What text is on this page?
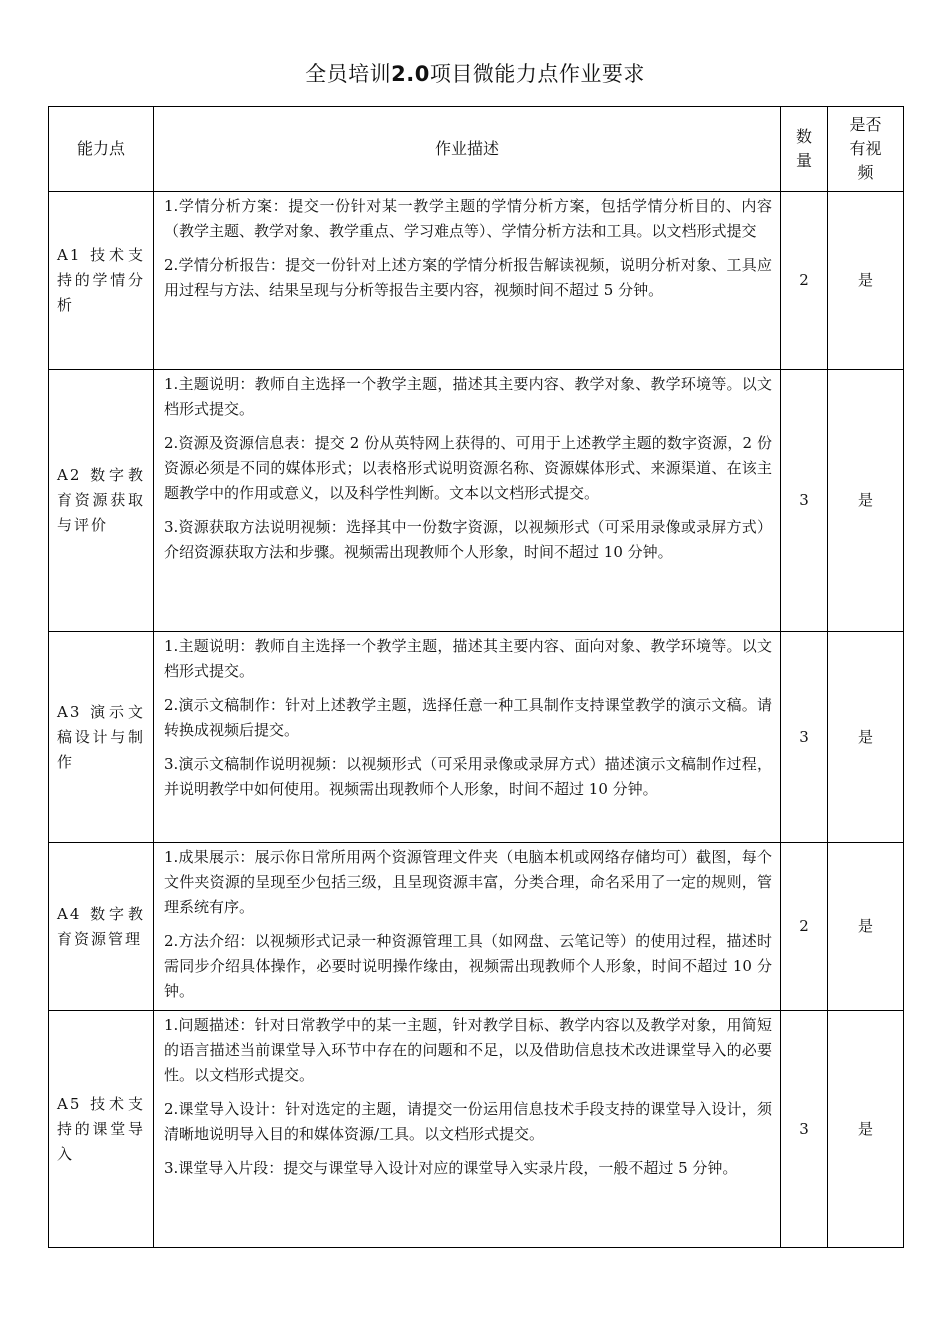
全员培训2.0项目微能力点作业要求
能力点	作业描述	数量	是否有视频
A1 技术支持的学情分析	1.学情分析方案：提交一份针对某一教学主题的学情分析方案，包括学情分析目的、内容（教学主题、教学对象、教学重点、学习难点等）、学情分析方法和工具。以文档形式提交

2.学情分析报告：提交一份针对上述方案的学情分析报告解读视频，说明分析对象、工具应用过程与方法、结果呈现与分析等报告主要内容，视频时间不超过 5 分钟。	2	是
A2 数字教育资源获取与评价	1.主题说明：教师自主选择一个教学主题，描述其主要内容、教学对象、教学环境等。以文档形式提交。

2.资源及资源信息表：提交 2 份从英特网上获得的、可用于上述教学主题的数字资源，2 份资源必须是不同的媒体形式；以表格形式说明资源名称、资源媒体形式、来源渠道、在该主题教学中的作用或意义，以及科学性判断。文本以文档形式提交。

3.资源获取方法说明视频：选择其中一份数字资源，以视频形式（可采用录像或录屏方式）介绍资源获取方法和步骤。视频需出现教师个人形象，时间不超过 10 分钟。	3	是
A3 演示文稿设计与制作	1.主题说明：教师自主选择一个教学主题，描述其主要内容、面向对象、教学环境等。以文档形式提交。

2.演示文稿制作：针对上述教学主题，选择任意一种工具制作支持课堂教学的演示文稿。请转换成视频后提交。

3.演示文稿制作说明视频：以视频形式（可采用录像或录屏方式）描述演示文稿制作过程，并说明教学中如何使用。视频需出现教师个人形象，时间不超过 10 分钟。	3	是
A4 数字教育资源管理	1.成果展示：展示你日常所用两个资源管理文件夹（电脑本机或网络存储均可）截图，每个文件夹资源的呈现至少包括三级，且呈现资源丰富，分类合理，命名采用了一定的规则，管理系统有序。

2.方法介绍：以视频形式记录一种资源管理工具（如网盘、云笔记等）的使用过程，描述时需同步介绍具体操作，必要时说明操作缘由，视频需出现教师个人形象，时间不超过 10 分钟。	2	是
A5 技术支持的课堂导入	1.问题描述：针对日常教学中的某一主题，针对教学目标、教学内容以及教学对象，用简短的语言描述当前课堂导入环节中存在的问题和不足，以及借助信息技术改进课堂导入的必要性。以文档形式提交。

2.课堂导入设计：针对选定的主题，请提交一份运用信息技术手段支持的课堂导入设计，须清晰地说明导入目的和媒体资源/工具。以文档形式提交。

3.课堂导入片段：提交与课堂导入设计对应的课堂导入实录片段，一般不超过 5 分钟。	3	是
